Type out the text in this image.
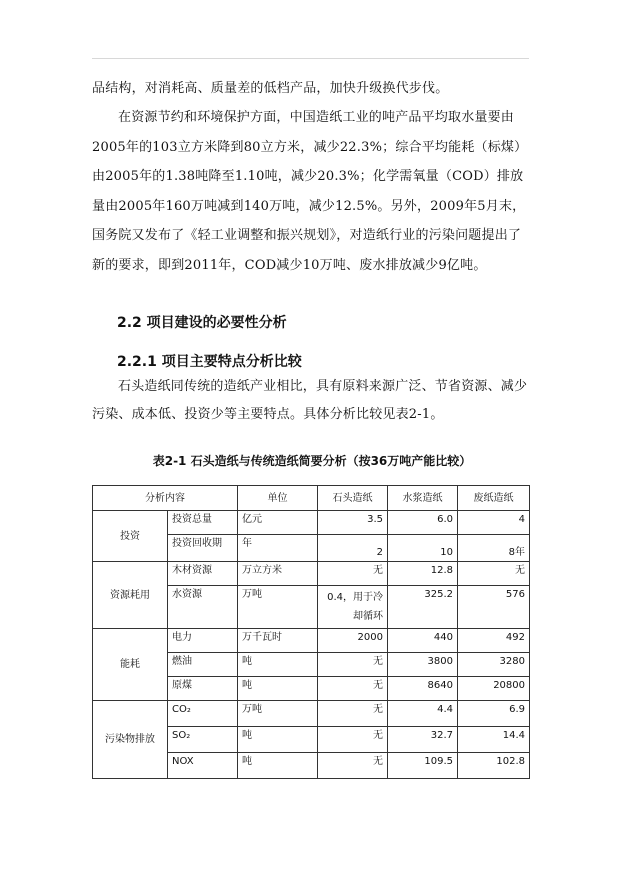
品结构，对消耗高、质量差的低档产品，加快升级换代步伐。

在资源节约和环境保护方面，中国造纸工业的吨产品平均取水量要由2005年的103立方米降到80立方米，减少22.3%；综合平均能耗（标煤）由2005年的1.38吨降至1.10吨，减少20.3%；化学需氧量（COD）排放量由2005年160万吨减到140万吨，减少12.5%。另外，2009年5月末，国务院又发布了《轻工业调整和振兴规划》，对造纸行业的污染问题提出了新的要求，即到2011年，COD减少10万吨、废水排放减少9亿吨。

2.2 项目建设的必要性分析
2.2.1 项目主要特点分析比较

石头造纸同传统的造纸产业相比，具有原料来源广泛、节省资源、减少污染、成本低、投资少等主要特点。具体分析比较见表2-1。

表2-1 石头造纸与传统造纸简要分析（按36万吨产能比较）

分析内容		单位	石头造纸	水浆造纸	废纸造纸
投资	投资总量	亿元	3.5	6.0	4
	投资回收期	年	2	10	8年
资源耗用	木材资源	万立方米	无	12.8	无
	水资源	万吨	0.4，用于冷却循环	325.2	576
能耗	电力	万千瓦时	2000	440	492
	燃油	吨	无	3800	3280
	原煤	吨	无	8640	20800
污染物排放	CO₂	万吨	无	4.4	6.9
	SO₂	吨	无	32.7	14.4
	NOX	吨	无	109.5	102.8
